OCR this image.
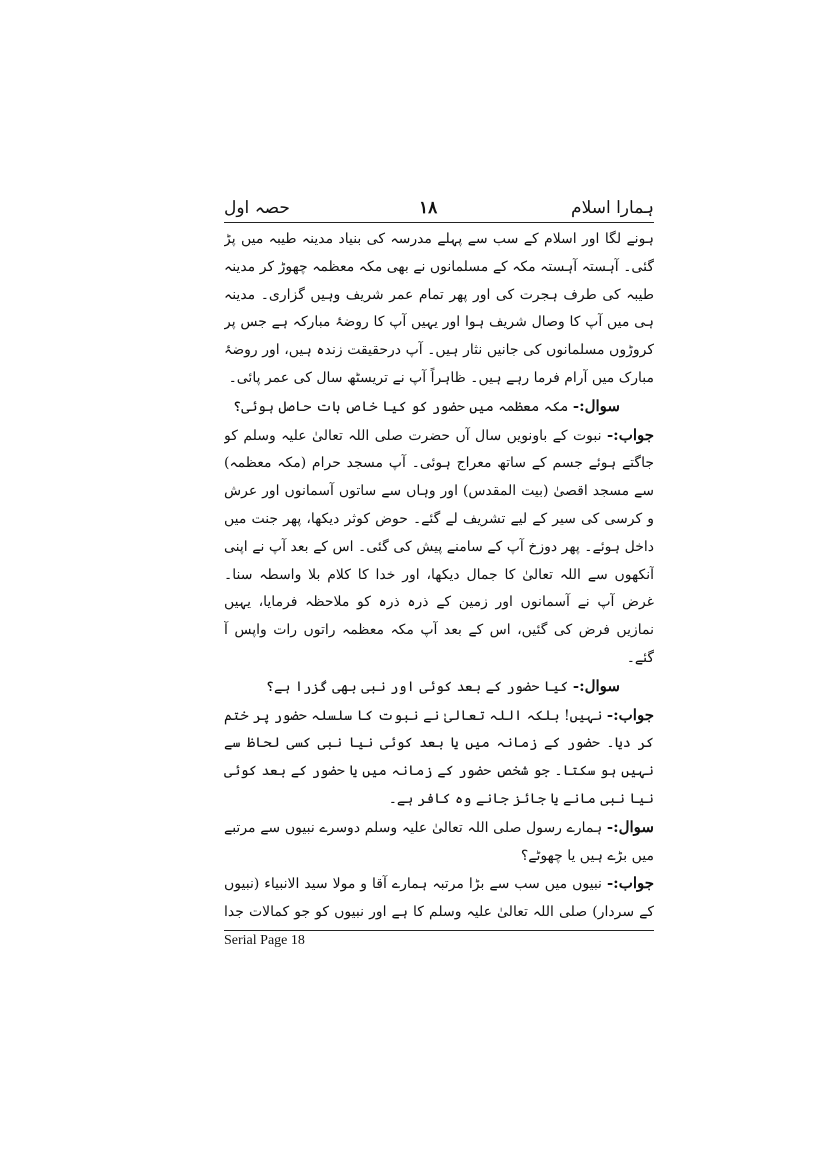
ہمارا اسلام
۱۸
حصہ اول

ہونے لگا اور اسلام کے سب سے پہلے مدرسہ کی بنیاد مدینہ طیبہ میں پڑ گئی۔ آہستہ آہستہ مکہ کے مسلمانوں نے بھی مکہ معظمہ چھوڑ کر مدینہ طیبہ کی طرف ہجرت کی اور پھر تمام عمر شریف وہیں گزاری۔ مدینہ ہی میں آپ کا وصال شریف ہوا اور یہیں آپ کا روضۂ مبارکہ ہے جس پر کروڑوں مسلمانوں کی جانیں نثار ہیں۔ آپ درحقیقت زندہ ہیں، اور روضۂ مبارک میں آرام فرما رہے ہیں۔ ظاہراً آپ نے تریسٹھ سال کی عمر پائی۔

سوال:- مکہ معظمہ میں حضور کو کیا خاص بات حاصل ہوئی؟

جواب:- نبوت کے باونویں سال آں حضرت صلی اللہ تعالیٰ علیہ وسلم کو جاگتے ہوئے جسم کے ساتھ معراج ہوئی۔ آپ مسجد حرام (مکہ معظمہ) سے مسجد اقصیٰ (بیت المقدس) اور وہاں سے ساتوں آسمانوں اور عرش و کرسی کی سیر کے لیے تشریف لے گئے۔ حوض کوثر دیکھا، پھر جنت میں داخل ہوئے۔ پھر دوزخ آپ کے سامنے پیش کی گئی۔ اس کے بعد آپ نے اپنی آنکھوں سے اللہ تعالیٰ کا جمال دیکھا، اور خدا کا کلام بلا واسطہ سنا۔ غرض آپ نے آسمانوں اور زمین کے ذرہ ذرہ کو ملاحظہ فرمایا، یہیں نمازیں فرض کی گئیں، اس کے بعد آپ مکہ معظمہ راتوں رات واپس آ گئے۔

سوال:- کیا حضور کے بعد کوئی اور نبی بھی گزرا ہے؟

جواب:- نہیں! بلکہ اللہ تعالیٰ نے نبوت کا سلسلہ حضور پر ختم کر دیا۔ حضور کے زمانہ میں یا بعد کوئی نیا نبی کسی لحاظ سے نہیں ہو سکتا۔ جو شخص حضور کے زمانہ میں یا حضور کے بعد کوئی نیا نبی مانے یا جائز جانے وہ کافر ہے۔

سوال:- ہمارے رسول صلی اللہ تعالیٰ علیہ وسلم دوسرے نبیوں سے مرتبے میں بڑے ہیں یا چھوٹے؟

جواب:- نبیوں میں سب سے بڑا مرتبہ ہمارے آقا و مولا سید الانبیاء (نبیوں کے سردار) صلی اللہ تعالیٰ علیہ وسلم کا ہے اور نبیوں کو جو کمالات جدا

Serial Page 18
